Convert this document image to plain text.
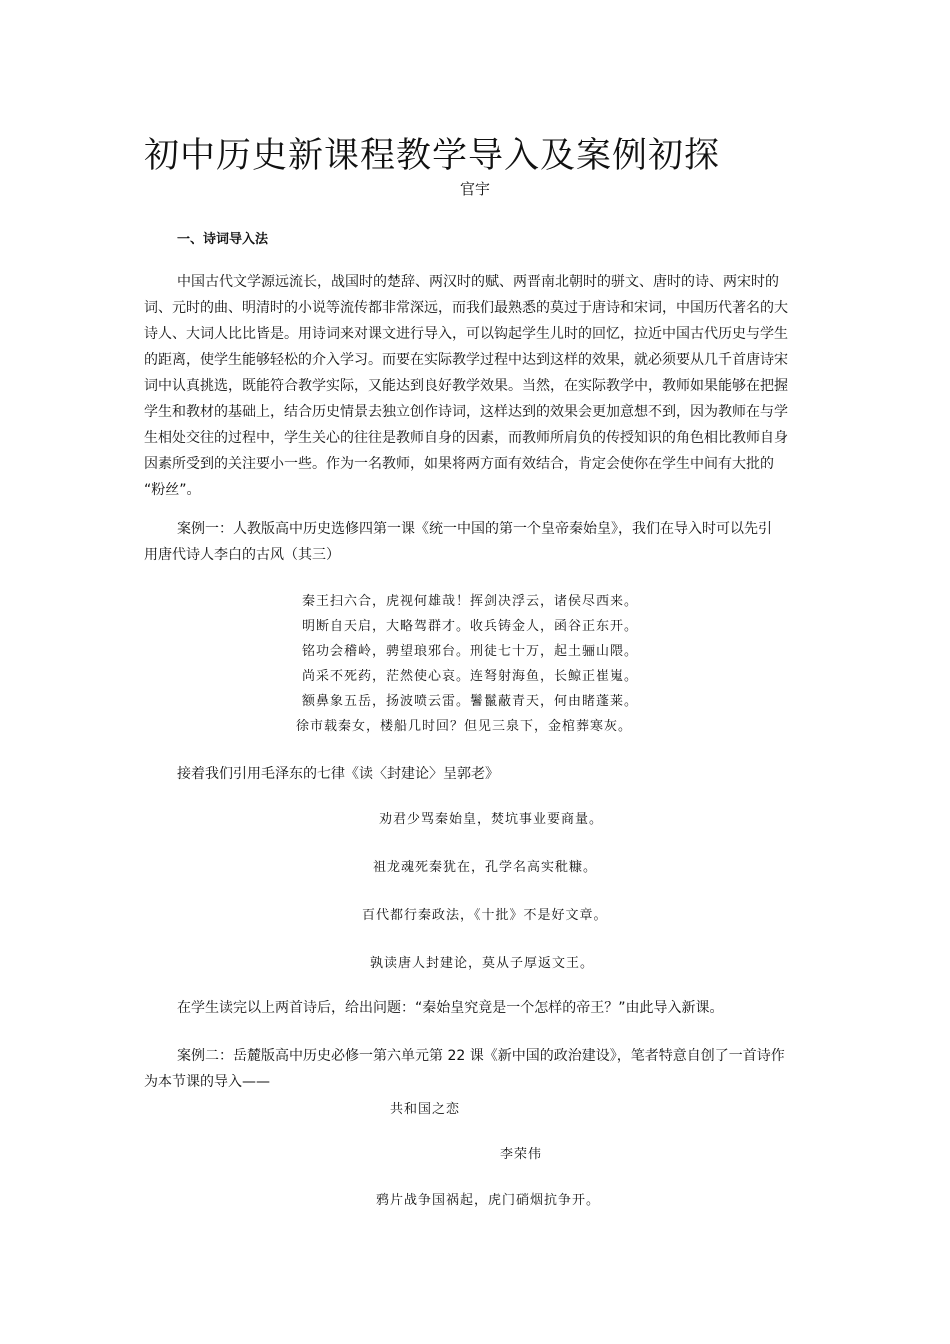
初中历史新课程教学导入及案例初探
官宇
一、诗词导入法
中国古代文学源远流长，战国时的楚辞、两汉时的赋、两晋南北朝时的骈文、唐时的诗、两宋时的
词、元时的曲、明清时的小说等流传都非常深远，而我们最熟悉的莫过于唐诗和宋词，中国历代著名的大
诗人、大词人比比皆是。用诗词来对课文进行导入，可以钩起学生儿时的回忆，拉近中国古代历史与学生
的距离，使学生能够轻松的介入学习。而要在实际教学过程中达到这样的效果，就必须要从几千首唐诗宋
词中认真挑选，既能符合教学实际，又能达到良好教学效果。当然，在实际教学中，教师如果能够在把握
学生和教材的基础上，结合历史情景去独立创作诗词，这样达到的效果会更加意想不到，因为教师在与学
生相处交往的过程中，学生关心的往往是教师自身的因素，而教师所肩负的传授知识的角色相比教师自身
因素所受到的关注要小一些。作为一名教师，如果将两方面有效结合，肯定会使你在学生中间有大批的
“粉丝”。
案例一：人教版高中历史选修四第一课《统一中国的第一个皇帝秦始皇》，我们在导入时可以先引
用唐代诗人李白的古风（其三）
秦王扫六合，虎视何雄哉！挥剑决浮云，诸侯尽西来。
明断自天启，大略驾群才。收兵铸金人，函谷正东开。
铭功会稽岭，骋望琅邪台。刑徒七十万，起土骊山隈。
尚采不死药，茫然使心哀。连弩射海鱼，长鲸正崔嵬。
额鼻象五岳，扬波喷云雷。鬐鬣蔽青天，何由睹蓬莱。
徐市载秦女，楼船几时回？但见三泉下，金棺葬寒灰。
接着我们引用毛泽东的七律《读〈封建论〉呈郭老》
劝君少骂秦始皇，焚坑事业要商量。
祖龙魂死秦犹在，孔学名高实秕糠。
百代都行秦政法，《十批》不是好文章。
孰读唐人封建论，莫从子厚返文王。
在学生读完以上两首诗后，给出问题：“秦始皇究竟是一个怎样的帝王？”由此导入新课。
案例二：岳麓版高中历史必修一第六单元第 22 课《新中国的政治建设》，笔者特意自创了一首诗作
为本节课的导入——
共和国之恋
李荣伟
鸦片战争国祸起，虎门硝烟抗争开。
